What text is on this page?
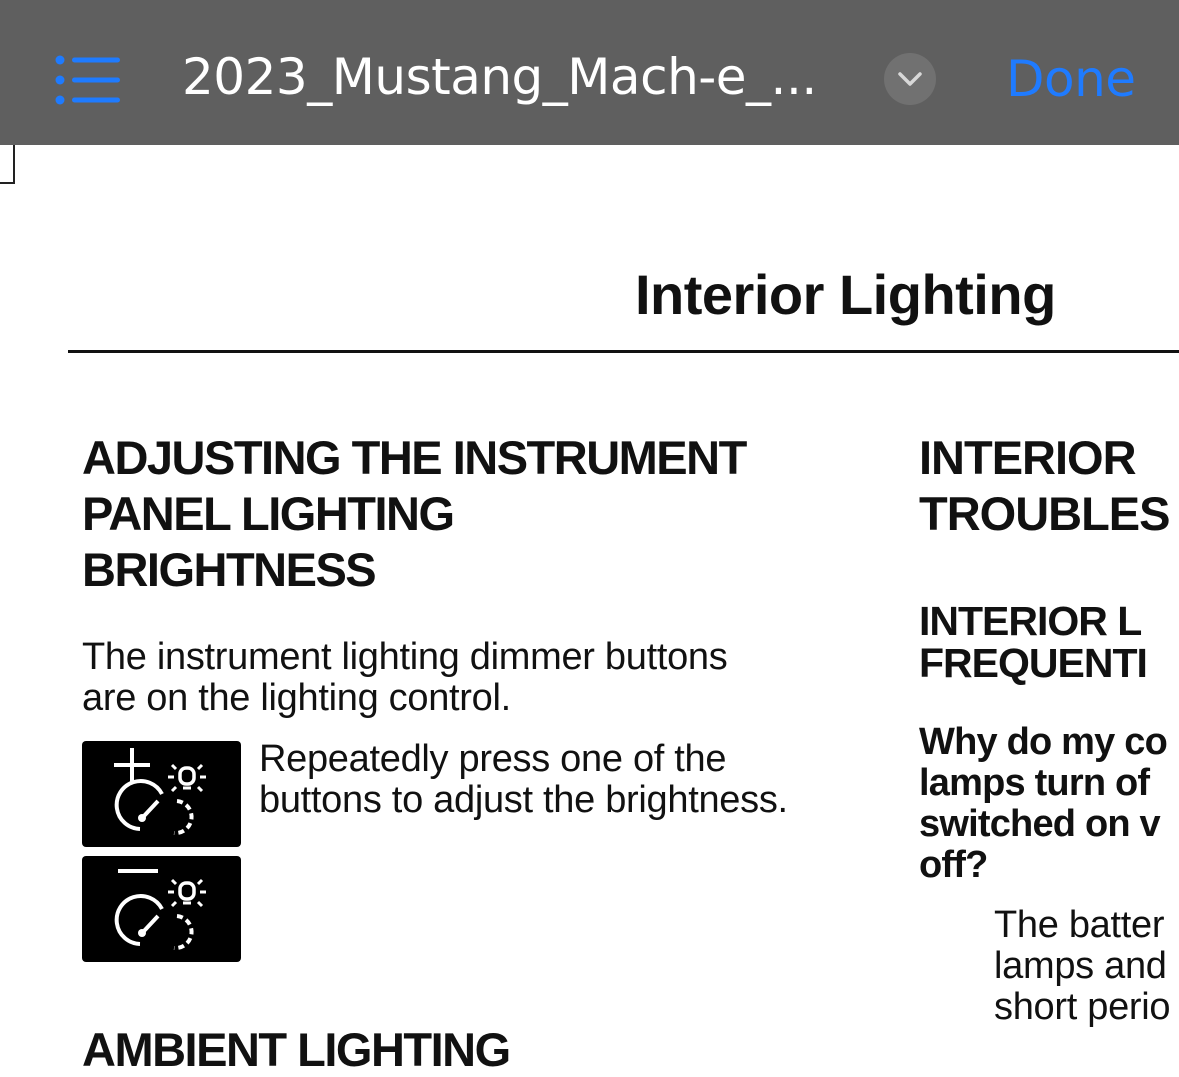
2023_Mustang_Mach-e_...	Done
Interior Lighting
ADJUSTING THE INSTRUMENT
PANEL LIGHTING
BRIGHTNESS
The instrument lighting dimmer buttons
are on the lighting control.
Repeatedly press one of the
buttons to adjust the brightness.
AMBIENT LIGHTING
INTERIOR
TROUBLES
INTERIOR L
FREQUENTI
Why do my co
lamps turn of
switched on v
off?
The batter
lamps and
short perio
